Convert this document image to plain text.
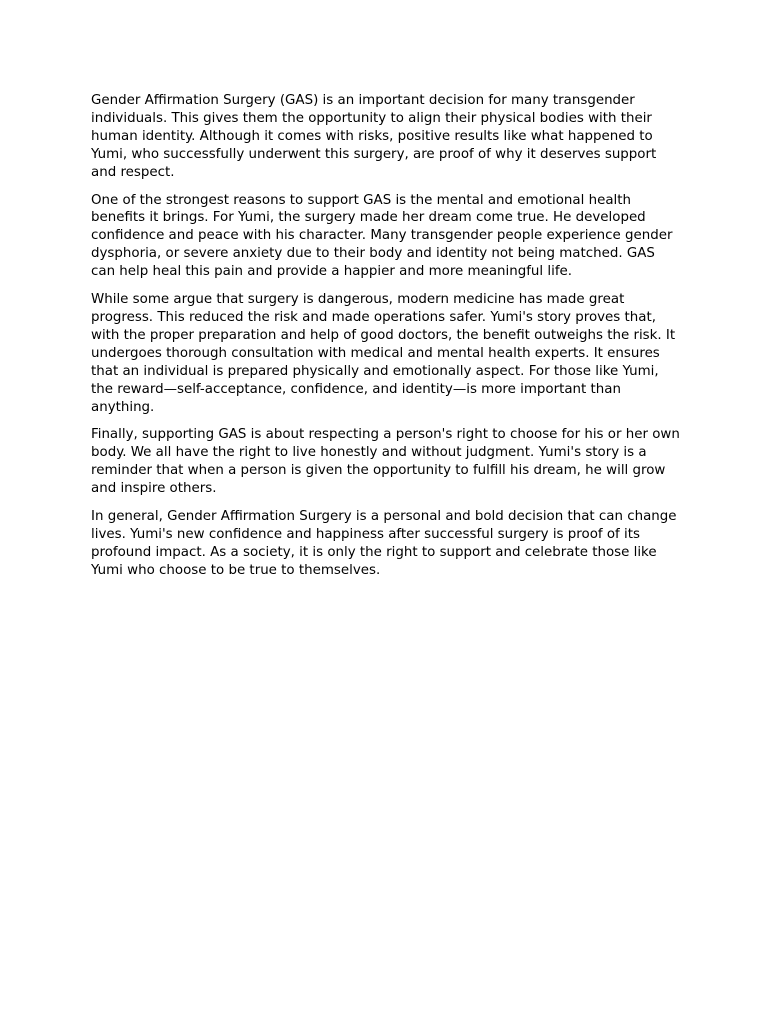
Gender Affirmation Surgery (GAS) is an important decision for many transgender individuals. This gives them the opportunity to align their physical bodies with their human identity. Although it comes with risks, positive results like what happened to Yumi, who successfully underwent this surgery, are proof of why it deserves support and respect.

One of the strongest reasons to support GAS is the mental and emotional health benefits it brings. For Yumi, the surgery made her dream come true. He developed confidence and peace with his character. Many transgender people experience gender dysphoria, or severe anxiety due to their body and identity not being matched. GAS can help heal this pain and provide a happier and more meaningful life.

While some argue that surgery is dangerous, modern medicine has made great progress. This reduced the risk and made operations safer. Yumi's story proves that, with the proper preparation and help of good doctors, the benefit outweighs the risk. It undergoes thorough consultation with medical and mental health experts. It ensures that an individual is prepared physically and emotionally aspect. For those like Yumi, the reward—self-acceptance, confidence, and identity—is more important than anything.

Finally, supporting GAS is about respecting a person's right to choose for his or her own body. We all have the right to live honestly and without judgment. Yumi's story is a reminder that when a person is given the opportunity to fulfill his dream, he will grow and inspire others.

In general, Gender Affirmation Surgery is a personal and bold decision that can change lives. Yumi's new confidence and happiness after successful surgery is proof of its profound impact. As a society, it is only the right to support and celebrate those like Yumi who choose to be true to themselves.
